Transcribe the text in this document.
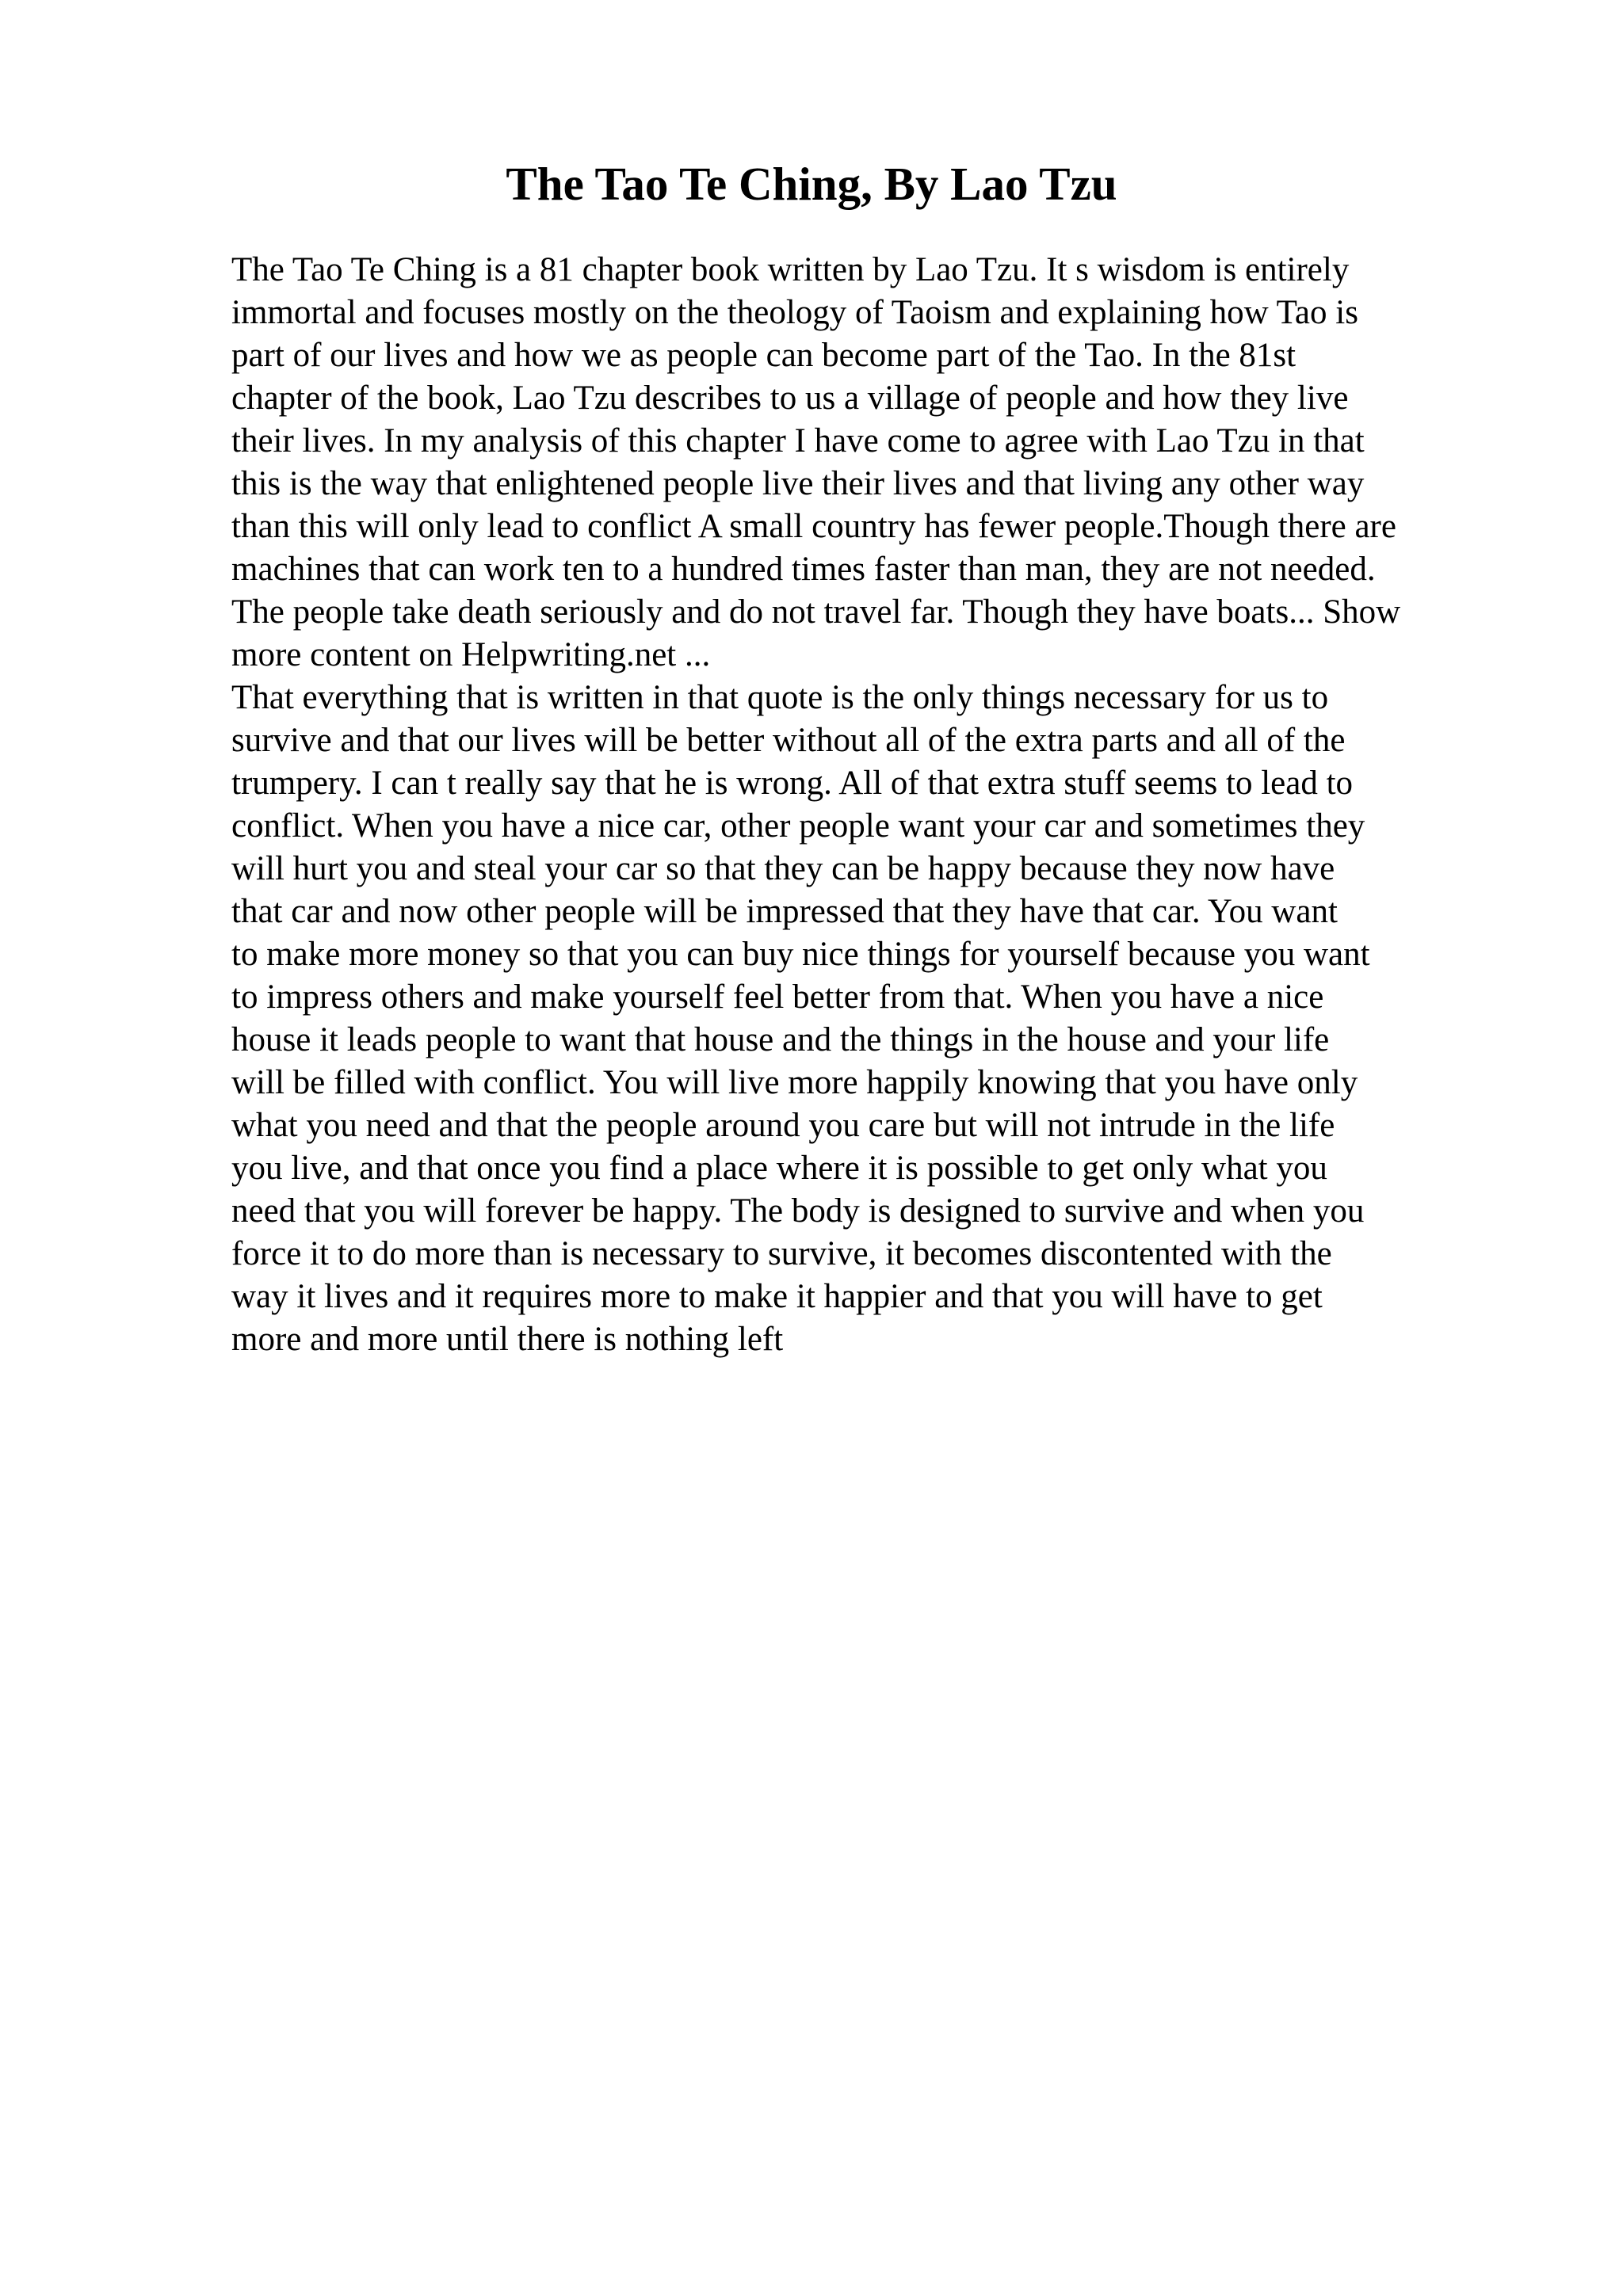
The Tao Te Ching, By Lao Tzu

The Tao Te Ching is a 81 chapter book written by Lao Tzu. It s wisdom is entirely

immortal and focuses mostly on the theology of Taoism and explaining how Tao is

part of our lives and how we as people can become part of the Tao. In the 81st

chapter of the book, Lao Tzu describes to us a village of people and how they live

their lives. In my analysis of this chapter I have come to agree with Lao Tzu in that

this is the way that enlightened people live their lives and that living any other way

than this will only lead to conflict A small country has fewer people.Though there are

machines that can work ten to a hundred times faster than man, they are not needed.

The people take death seriously and do not travel far. Though they have boats... Show

more content on Helpwriting.net ...

That everything that is written in that quote is the only things necessary for us to

survive and that our lives will be better without all of the extra parts and all of the

trumpery. I can t really say that he is wrong. All of that extra stuff seems to lead to

conflict. When you have a nice car, other people want your car and sometimes they

will hurt you and steal your car so that they can be happy because they now have

that car and now other people will be impressed that they have that car. You want

to make more money so that you can buy nice things for yourself because you want

to impress others and make yourself feel better from that. When you have a nice

house it leads people to want that house and the things in the house and your life

will be filled with conflict. You will live more happily knowing that you have only

what you need and that the people around you care but will not intrude in the life

you live, and that once you find a place where it is possible to get only what you

need that you will forever be happy. The body is designed to survive and when you

force it to do more than is necessary to survive, it becomes discontented with the

way it lives and it requires more to make it happier and that you will have to get

more and more until there is nothing left
